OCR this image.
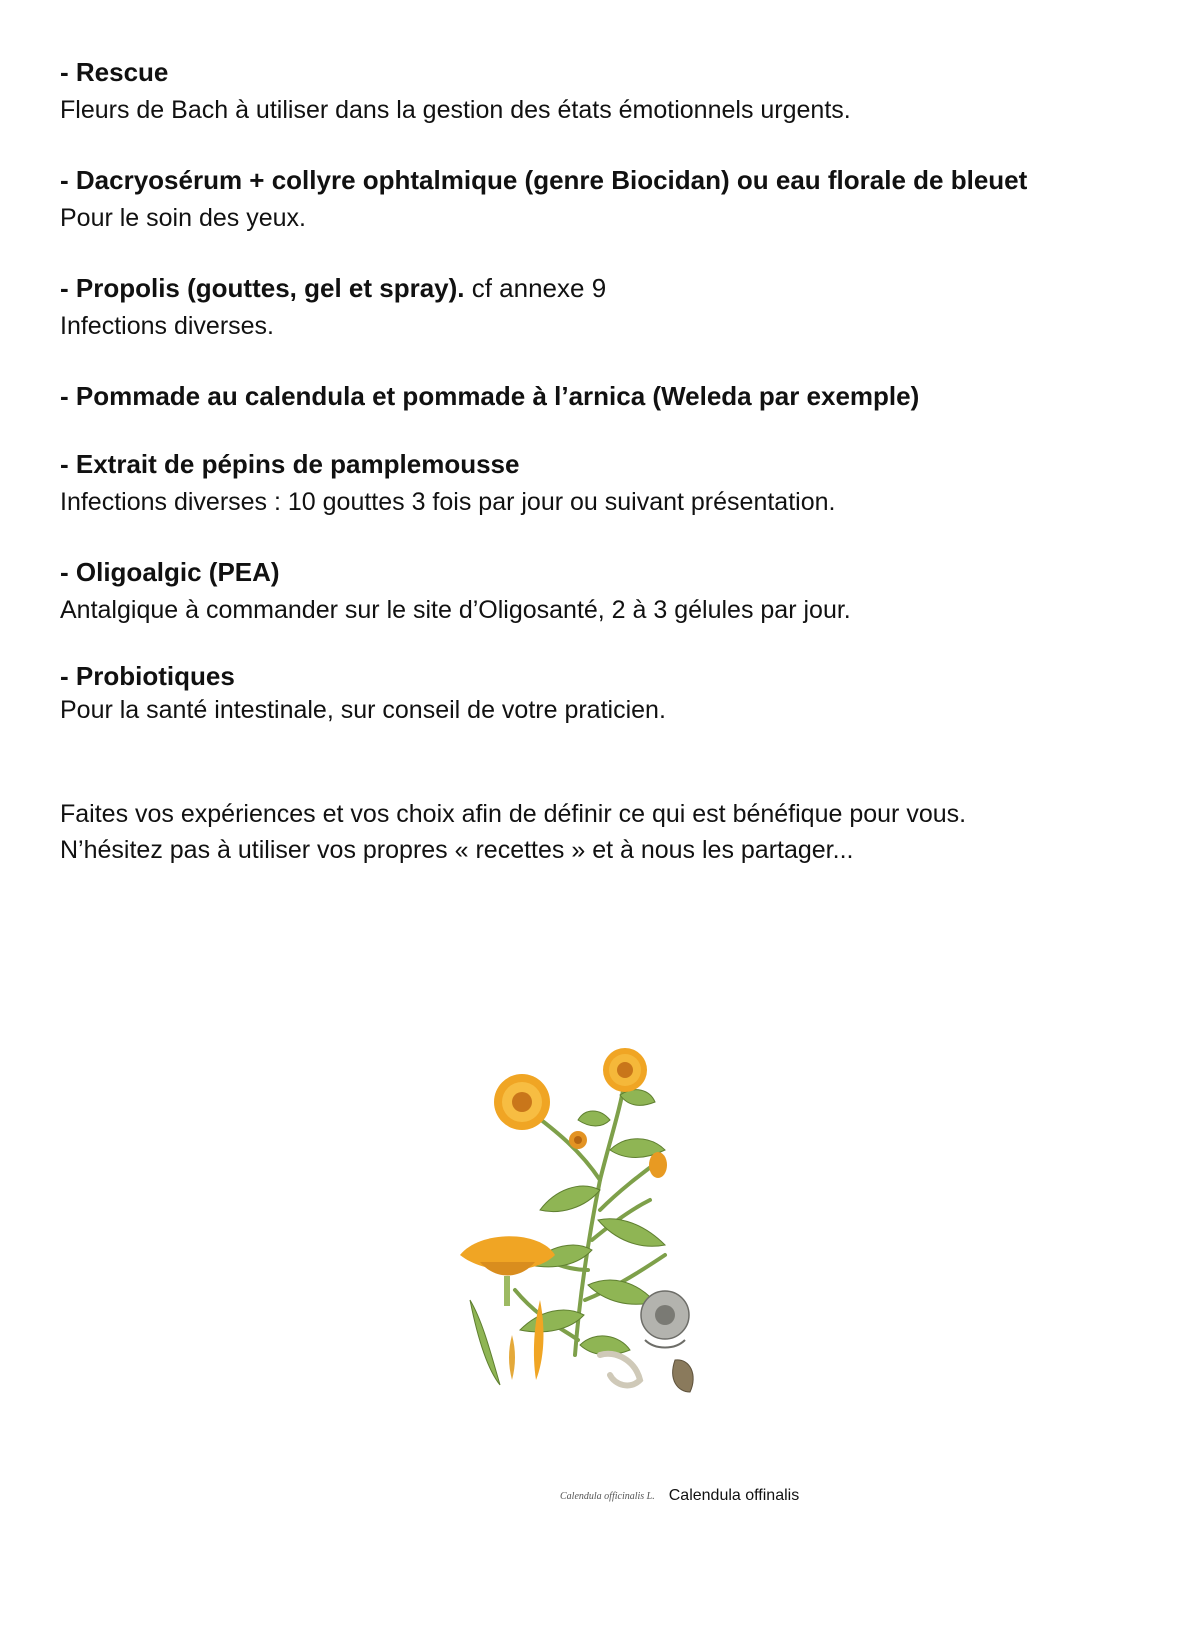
- Rescue
Fleurs de Bach à utiliser dans la gestion des états émotionnels urgents.
- Dacryosérum + collyre ophtalmique (genre Biocidan) ou eau florale de bleuet
Pour le soin des yeux.
- Propolis (gouttes, gel et spray). cf annexe 9
Infections diverses.
- Pommade au calendula et pommade à l’arnica (Weleda par exemple)
- Extrait de pépins de pamplemousse
Infections diverses : 10 gouttes 3 fois par jour ou suivant présentation.
- Oligoalgic (PEA)
Antalgique à commander sur le site d’Oligosanté, 2 à 3 gélules par jour.
- Probiotiques
Pour la santé intestinale, sur conseil de votre praticien.
Faites vos expériences et vos choix afin de définir ce qui est bénéfique pour vous.
N’hésitez pas à utiliser vos propres « recettes » et à nous les partager...
Calendula officinalis L. Calendula offinalis
